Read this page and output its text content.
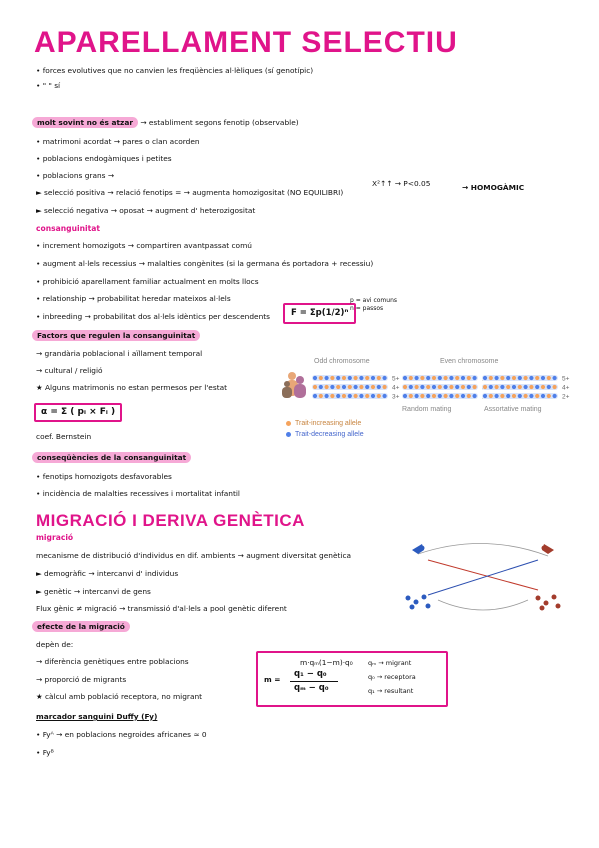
APARELLAMENT SELECTIU
• forces evolutives que no canvien les freqüències al·lèliques (sí genotípic)
• " " sí
molt sovint no és atzar → establiment segons fenotip (observable)
• matrimoni acordat → pares o clan acorden
• poblacions endogàmiques i petites
• poblacions grans →
► selecció positiva → relació fenotips = → augmenta homozigositat (NO EQUILIBRI)
► selecció negativa → oposat → augment d' heterozigositat
X²↑↑ → P<0.05	→ HOMOGÀMIC
consanguinitat
• increment homozigots → compartiren avantpassat comú
• augment al·lels recessius → malalties congènites (si la germana és portadora + recessiu)
• prohibició aparellament familiar actualment en molts llocs
• relationship → probabilitat heredar mateixos al·lels
• inbreeding → probabilitat dos al·lels idèntics per descendents	F = Σp(1/2)ⁿ
p = avi comuns
n = passos
Factors que regulen la consanguinitat
→ grandària poblacional i aïllament temporal
→ cultural / religió
★ Alguns matrimonis no estan permesos per l'estat
α = Σ ( pᵢ × Fᵢ )
coef. Bernstein
5+
4+
3+
5+
4+
2+
Odd chromosome	Even chromosome
Random mating	Assortative mating
Trait-increasing allele
Trait-decreasing allele
conseqüències de la consanguinitat
• fenotips homozigots desfavorables
• incidència de malalties recessives i mortalitat infantil
MIGRACIÓ I DERIVA GENÈTICA
migració
mecanisme de distribució d'individus en dif. ambients → augment diversitat genètica
► demogràfic → intercanvi d' individus
► genètic → intercanvi de gens
Flux gènic ≠ migració → transmissió d'al·lels a pool genètic diferent
efecte de la migració
depèn de:
→ diferència genètiques entre poblacions
→ proporció de migrants
★ càlcul amb població receptora, no migrant
marcador sanguini Duffy (Fy)
• Fyᴬ → en poblacions negroides africanes ≃ 0
• Fyᴮ
m·qₘ(1−m)·q₀
m =
q₁ − q₀
qₘ − q₀
qₘ → migrant
q₀ → receptora
q₁ → resultant
